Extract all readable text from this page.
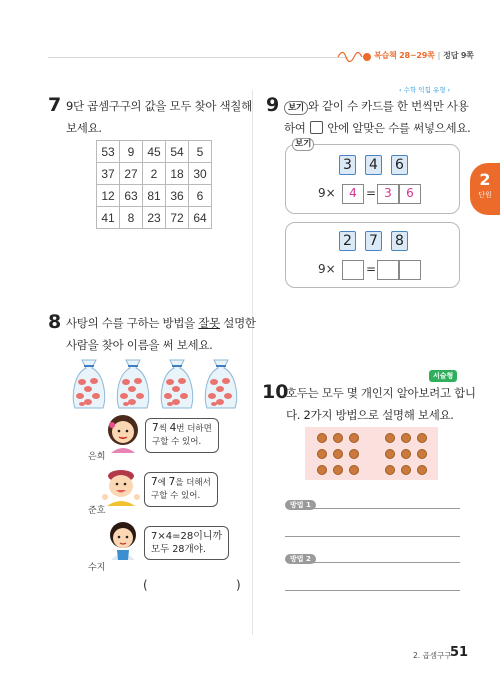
복습책 28~29쪽 | 정답 9쪽
2
단원
7 9단 곱셈구구의 값을 모두 찾아 색칠해
보세요.
53	9	45	54	5
37	27	2	18	30
12	63	81	36	6
41	8	23	72	64
8 사탕의 수를 구하는 방법을 잘못 설명한
사람을 찾아 이름을 써 보세요.
7씩 4번 더하면
구할 수 있어.
은희
7에 7을 더해서
구할 수 있어.
준호
7×4=28이니까
모두 28개야.
수지
(	)
‹ 수학 익힘 유형 ›
9	보기 와 같이 수 카드를 한 번씩만 사용
하여  안에 알맞은 수를 써넣으세요.
보기
3 4 6
9×	4 = 3	6
2 7 8
9×	=
서술형
10
호두는 모두 몇 개인지 알아보려고 합니
다. 2가지 방법으로 설명해 보세요.
방법 1
방법 2
2. 곱셈구구
51
